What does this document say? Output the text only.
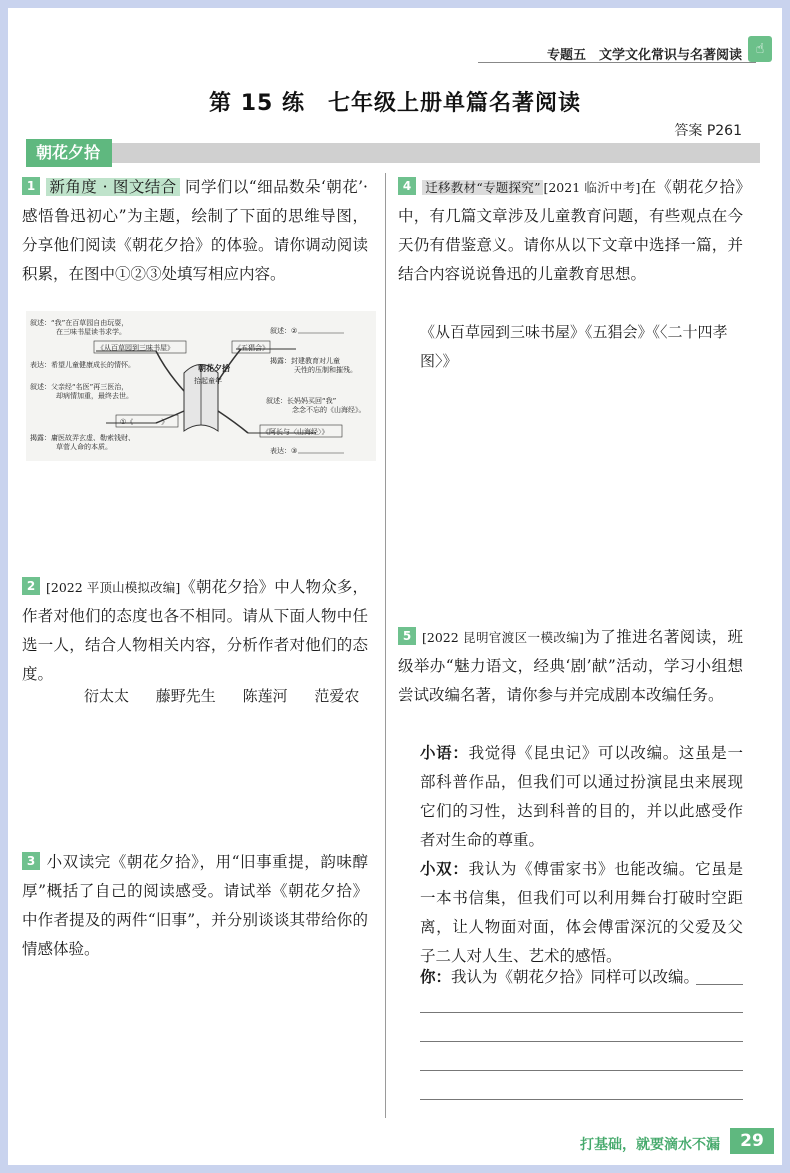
专题五　文学文化常识与名著阅读 ☝
第 15 练　七年级上册单篇名著阅读
答案 P261
朝花夕拾
1 新角度 · 图文结合 同学们以“细品数朵‘朝花’·感悟鲁迅初心”为主题，绘制了下面的思维导图，分享他们阅读《朝花夕拾》的体验。请你调动阅读积累，在图中①②③处填写相应内容。
拾起童年
朝花夕拾
叙述：“我”在百草园自由玩耍，
在三味书屋读书求学。
《从百草园到三味书屋》
表达：希望儿童健康成长的情怀。
叙述：父亲经“名医”再三医治，
却病情加重，最终去世。
①《　　　　》
揭露：庸医故弄玄虚、勒索钱财、
草菅人命的本质。
叙述：②
《五猖会》
揭露：封建教育对儿童
天性的压制和摧残。
叙述：长妈妈买回“我”
念念不忘的《山海经》。
《阿长与〈山海经〉》
表达：③
2 [2022 平顶山模拟改编]《朝花夕拾》中人物众多，作者对他们的态度也各不相同。请从下面人物中任选一人，结合人物相关内容，分析作者对他们的态度。
衍太太 藤野先生 陈莲河 范爱农
3 小双读完《朝花夕拾》，用“旧事重提，韵味醇厚”概括了自己的阅读感受。请试举《朝花夕拾》中作者提及的两件“旧事”，并分别谈谈其带给你的情感体验。
4 迁移教材“专题探究” [2021 临沂中考]在《朝花夕拾》中，有几篇文章涉及儿童教育问题，有些观点在今天仍有借鉴意义。请你从以下文章中选择一篇，并结合内容说说鲁迅的儿童教育思想。
《从百草园到三味书屋》《五猖会》《〈二十四孝图〉》
5 [2022 昆明官渡区一模改编]为了推进名著阅读，班级举办“魅力语文，经典‘剧’献”活动，学习小组想尝试改编名著，请你参与并完成剧本改编任务。
小语：我觉得《昆虫记》可以改编。这虽是一部科普作品，但我们可以通过扮演昆虫来展现它们的习性，达到科普的目的，并以此感受作者对生命的尊重。
小双：我认为《傅雷家书》也能改编。它虽是一本书信集，但我们可以利用舞台打破时空距离，让人物面对面，体会傅雷深沉的父爱及父子二人对人生、艺术的感悟。
你：我认为《朝花夕拾》同样可以改编。
打基础，就要滴水不漏	29
